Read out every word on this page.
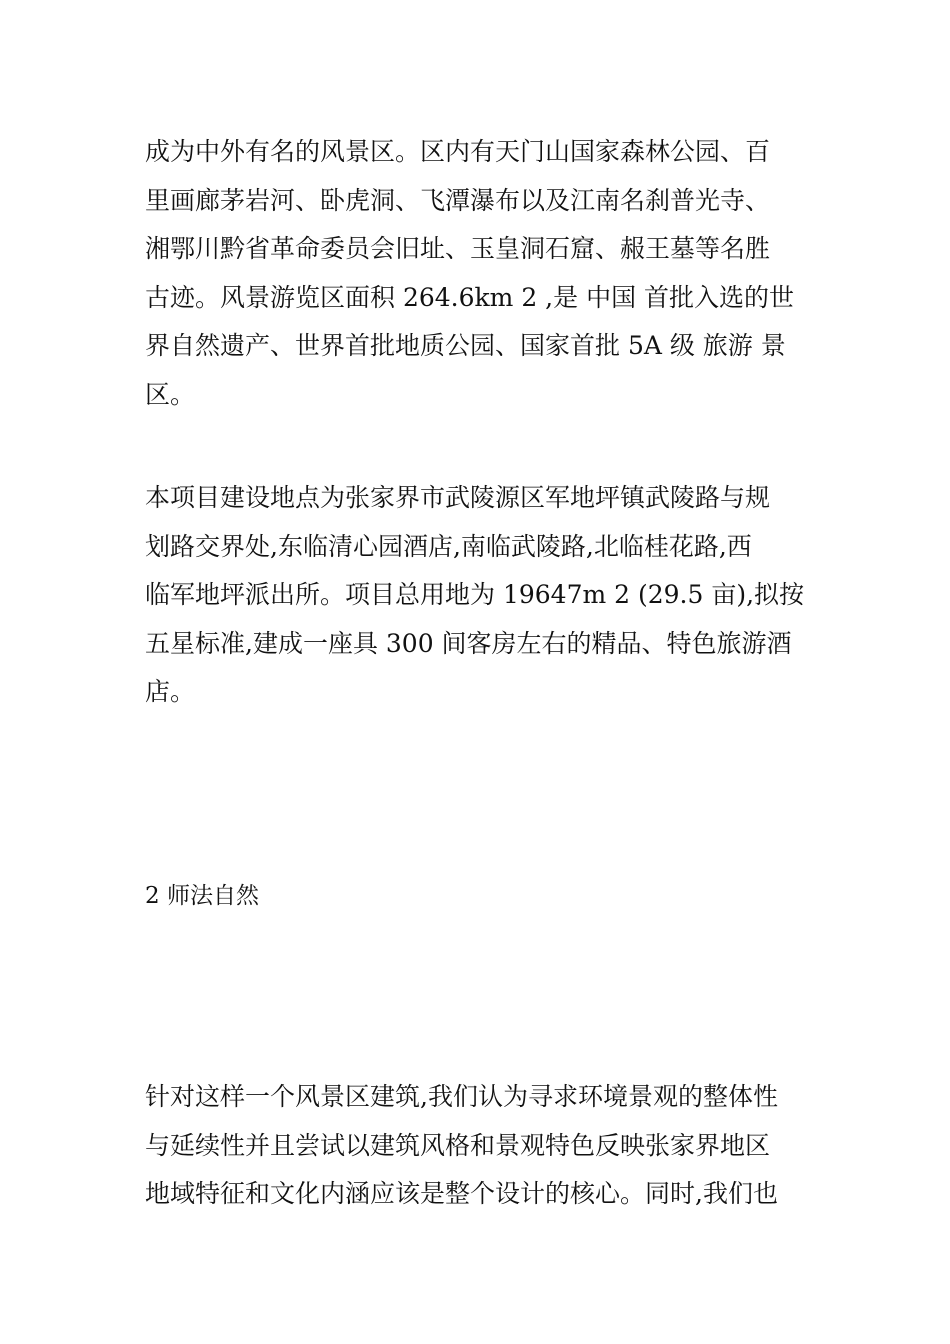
成为中外有名的风景区。区内有天门山国家森林公园、百
里画廊茅岩河、卧虎洞、飞潭瀑布以及江南名刹普光寺、
湘鄂川黔省革命委员会旧址、玉皇洞石窟、赧王墓等名胜
古迹。风景游览区面积 264.6km 2 ,是 中国 首批入选的世
界自然遗产、世界首批地质公园、国家首批 5A 级 旅游 景
区。

本项目建设地点为张家界市武陵源区军地坪镇武陵路与规
划路交界处,东临清心园酒店,南临武陵路,北临桂花路,西
临军地坪派出所。项目总用地为 19647m 2 (29.5 亩),拟按
五星标准,建成一座具 300 间客房左右的精品、特色旅游酒
店。

2 师法自然

针对这样一个风景区建筑,我们认为寻求环境景观的整体性
与延续性并且尝试以建筑风格和景观特色反映张家界地区
地域特征和文化内涵应该是整个设计的核心。同时,我们也
